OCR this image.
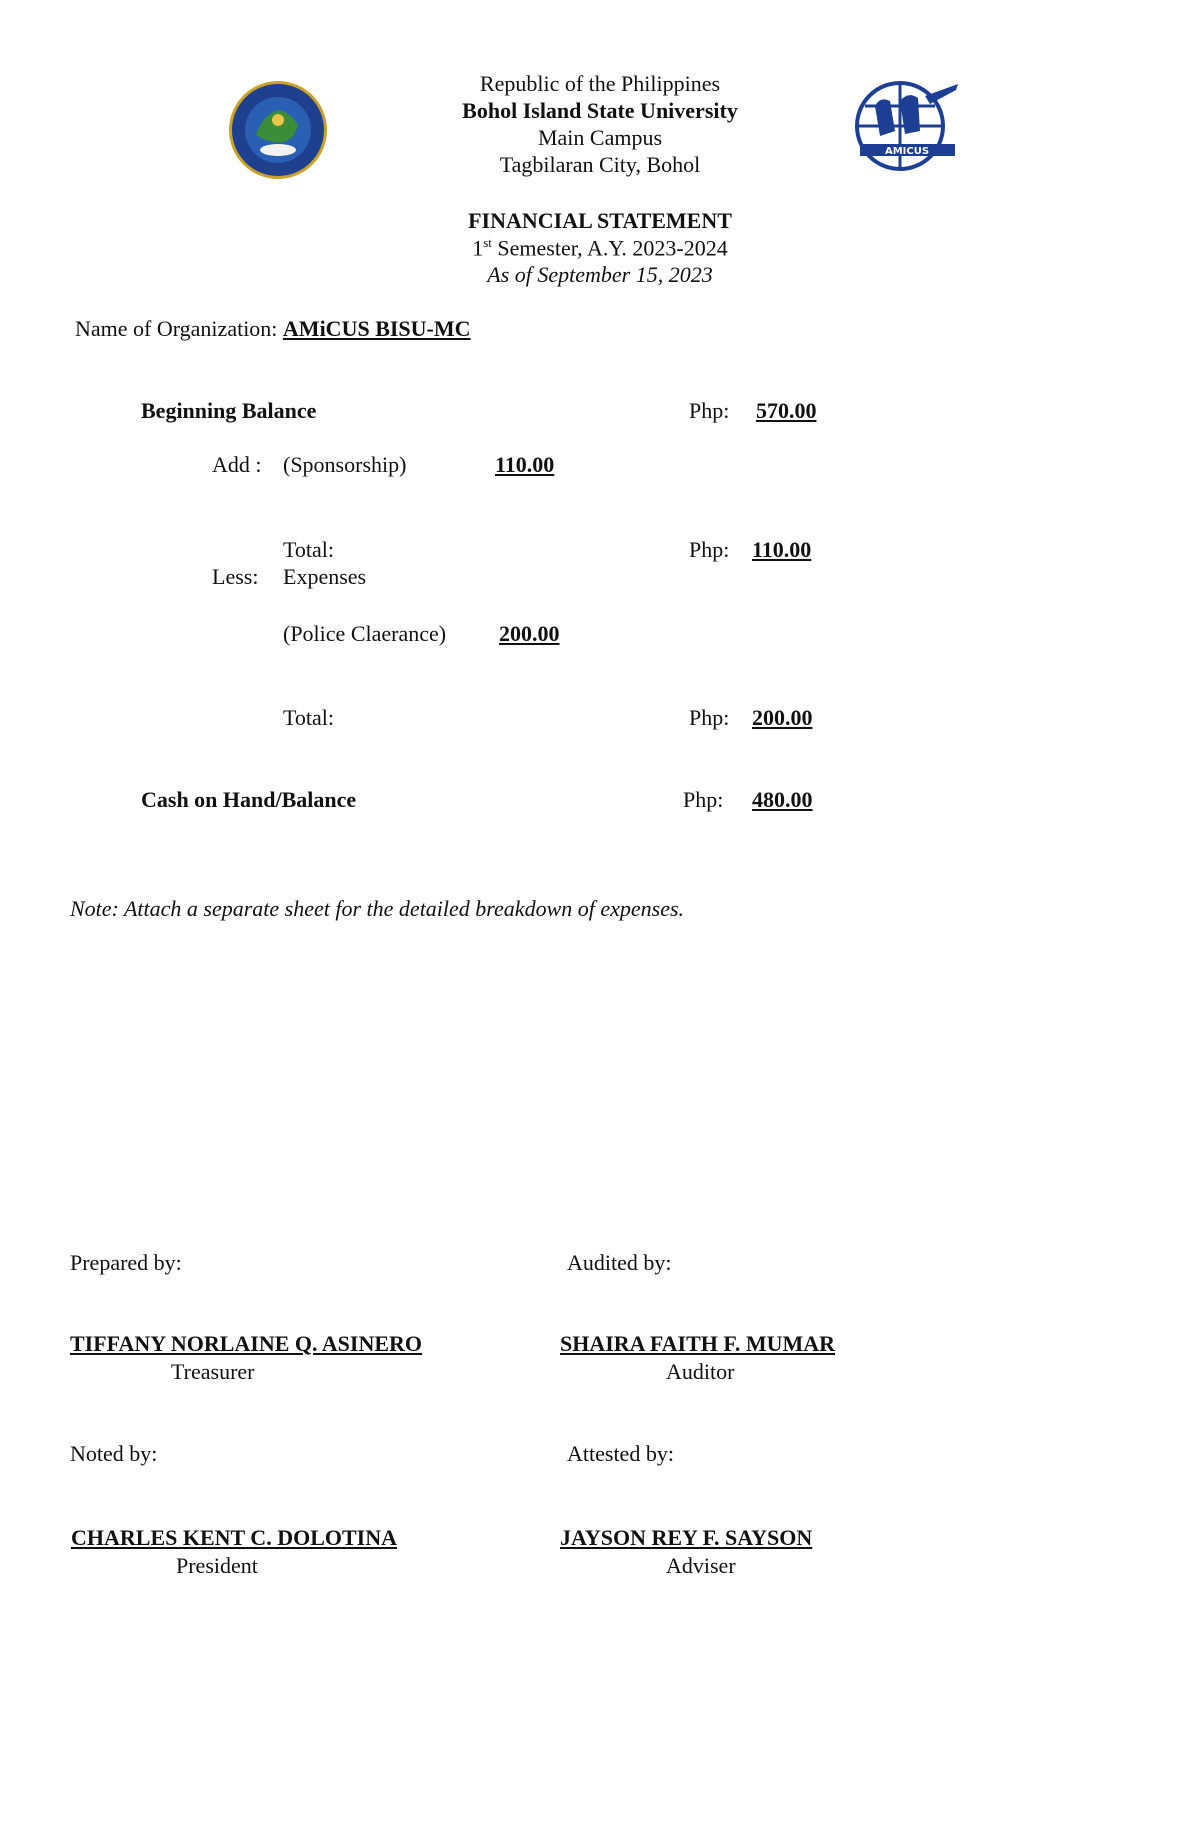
AMICUS
Republic of the Philippines
Bohol Island State University
Main Campus
Tagbilaran City, Bohol
FINANCIAL STATEMENT
1st Semester, A.Y. 2023-2024
As of September 15, 2023
Name of Organization: AMiCUS BISU-MC
Beginning Balance	Php: 570.00
Add : (Sponsorship)	110.00
Total:	Php: 110.00
Less: Expenses
(Police Claerance) 200.00
Total:	Php: 200.00
Cash on Hand/Balance	Php: 480.00
Note: Attach a separate sheet for the detailed breakdown of expenses.
Prepared by:	Audited by:
TIFFANY NORLAINE Q. ASINERO
Treasurer
SHAIRA FAITH F. MUMAR
Auditor
Noted by:	Attested by:
CHARLES KENT C. DOLOTINA
President
JAYSON REY F. SAYSON
Adviser
